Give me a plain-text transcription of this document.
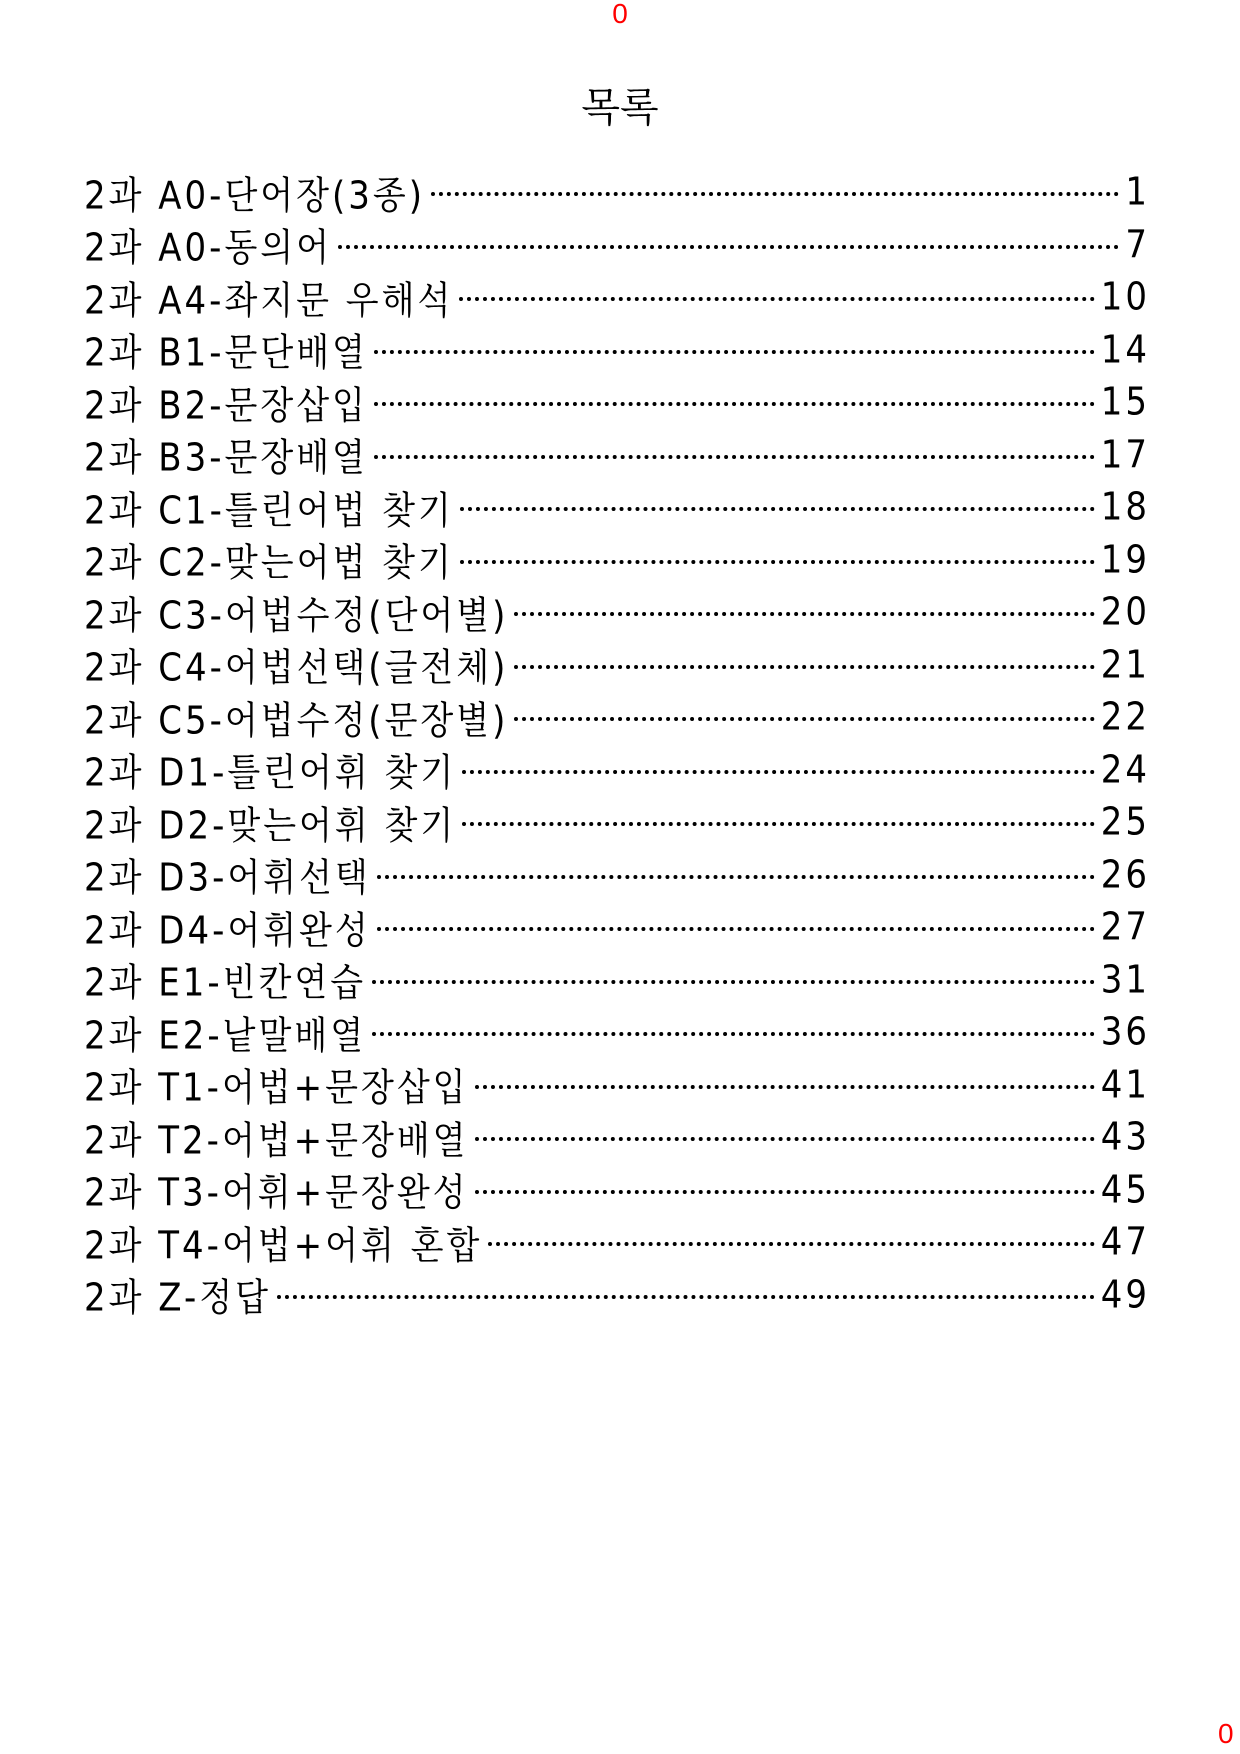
0
목록
2과 A0-단어장(3종)	1
2과 A0-동의어	7
2과 A4-좌지문 우해석	10
2과 B1-문단배열	14
2과 B2-문장삽입	15
2과 B3-문장배열	17
2과 C1-틀린어법 찾기	18
2과 C2-맞는어법 찾기	19
2과 C3-어법수정(단어별)	20
2과 C4-어법선택(글전체)	21
2과 C5-어법수정(문장별)	22
2과 D1-틀린어휘 찾기	24
2과 D2-맞는어휘 찾기	25
2과 D3-어휘선택	26
2과 D4-어휘완성	27
2과 E1-빈칸연습	31
2과 E2-낱말배열	36
2과 T1-어법+문장삽입	41
2과 T2-어법+문장배열	43
2과 T3-어휘+문장완성	45
2과 T4-어법+어휘 혼합	47
2과 Z-정답	49
0
